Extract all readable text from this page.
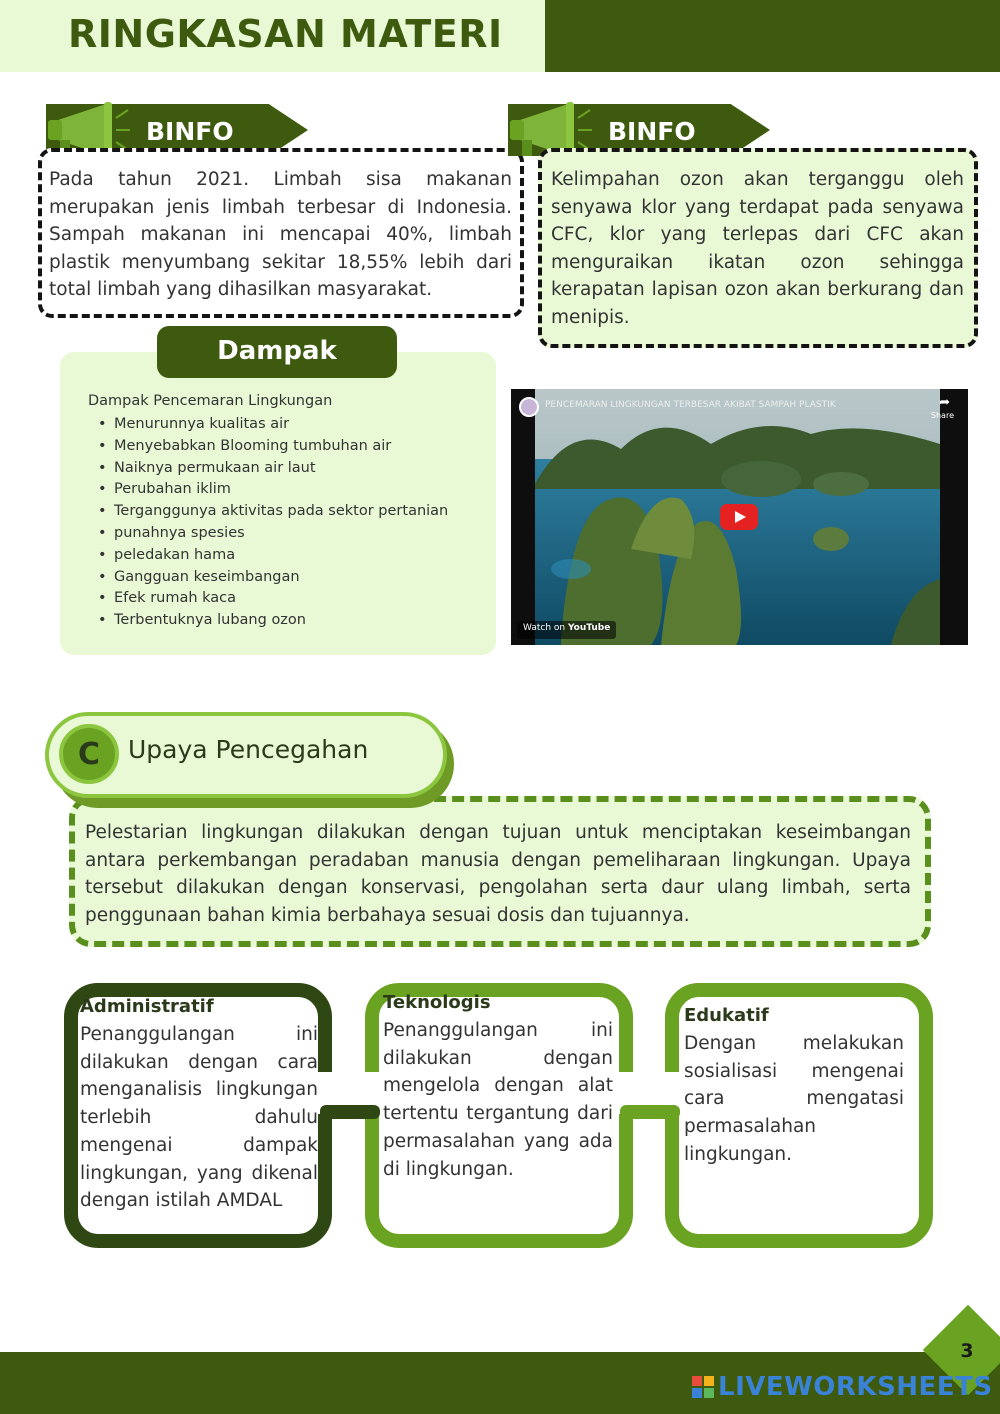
RINGKASAN MATERI
BINFO
Pada tahun 2021. Limbah sisa makanan merupakan jenis limbah terbesar di Indonesia. Sampah makanan ini mencapai 40%, limbah plastik menyumbang sekitar 18,55% lebih dari total limbah yang dihasilkan masyarakat.
BINFO
Kelimpahan ozon akan terganggu oleh senyawa klor yang terdapat pada senyawa CFC, klor yang terlepas dari CFC akan menguraikan ikatan ozon sehingga kerapatan lapisan ozon akan berkurang dan menipis.
Dampak
Dampak Pencemaran Lingkungan
• Menurunnya kualitas air
• Menyebabkan Blooming tumbuhan air
• Naiknya permukaan air laut
• Perubahan iklim
• Terganggunya aktivitas pada sektor pertanian
• punahnya spesies
• peledakan hama
• Gangguan keseimbangan
• Efek rumah kaca
• Terbentuknya lubang ozon
PENCEMARAN LINGKUNGAN TERBESAR AKIBAT SAMPAH PLASTIK	➦
Share
Watch on YouTube
Pelestarian lingkungan dilakukan dengan tujuan untuk menciptakan keseimbangan antara perkembangan peradaban manusia dengan pemeliharaan lingkungan. Upaya tersebut dilakukan dengan konservasi, pengolahan serta daur ulang limbah, serta penggunaan bahan kimia berbahaya sesuai dosis dan tujuannya.
C	Upaya Pencegahan
Administratif
Penanggulangan ini dilakukan dengan cara menganalisis lingkungan terlebih dahulu mengenai dampak lingkungan, yang dikenal dengan istilah AMDAL
Teknologis
Penanggulangan ini dilakukan dengan mengelola dengan alat tertentu tergantung dari permasalahan yang ada di lingkungan.
Edukatif
Dengan melakukan sosialisasi mengenai cara mengatasi permasalahan lingkungan.
3
LIVEWORKSHEETS
